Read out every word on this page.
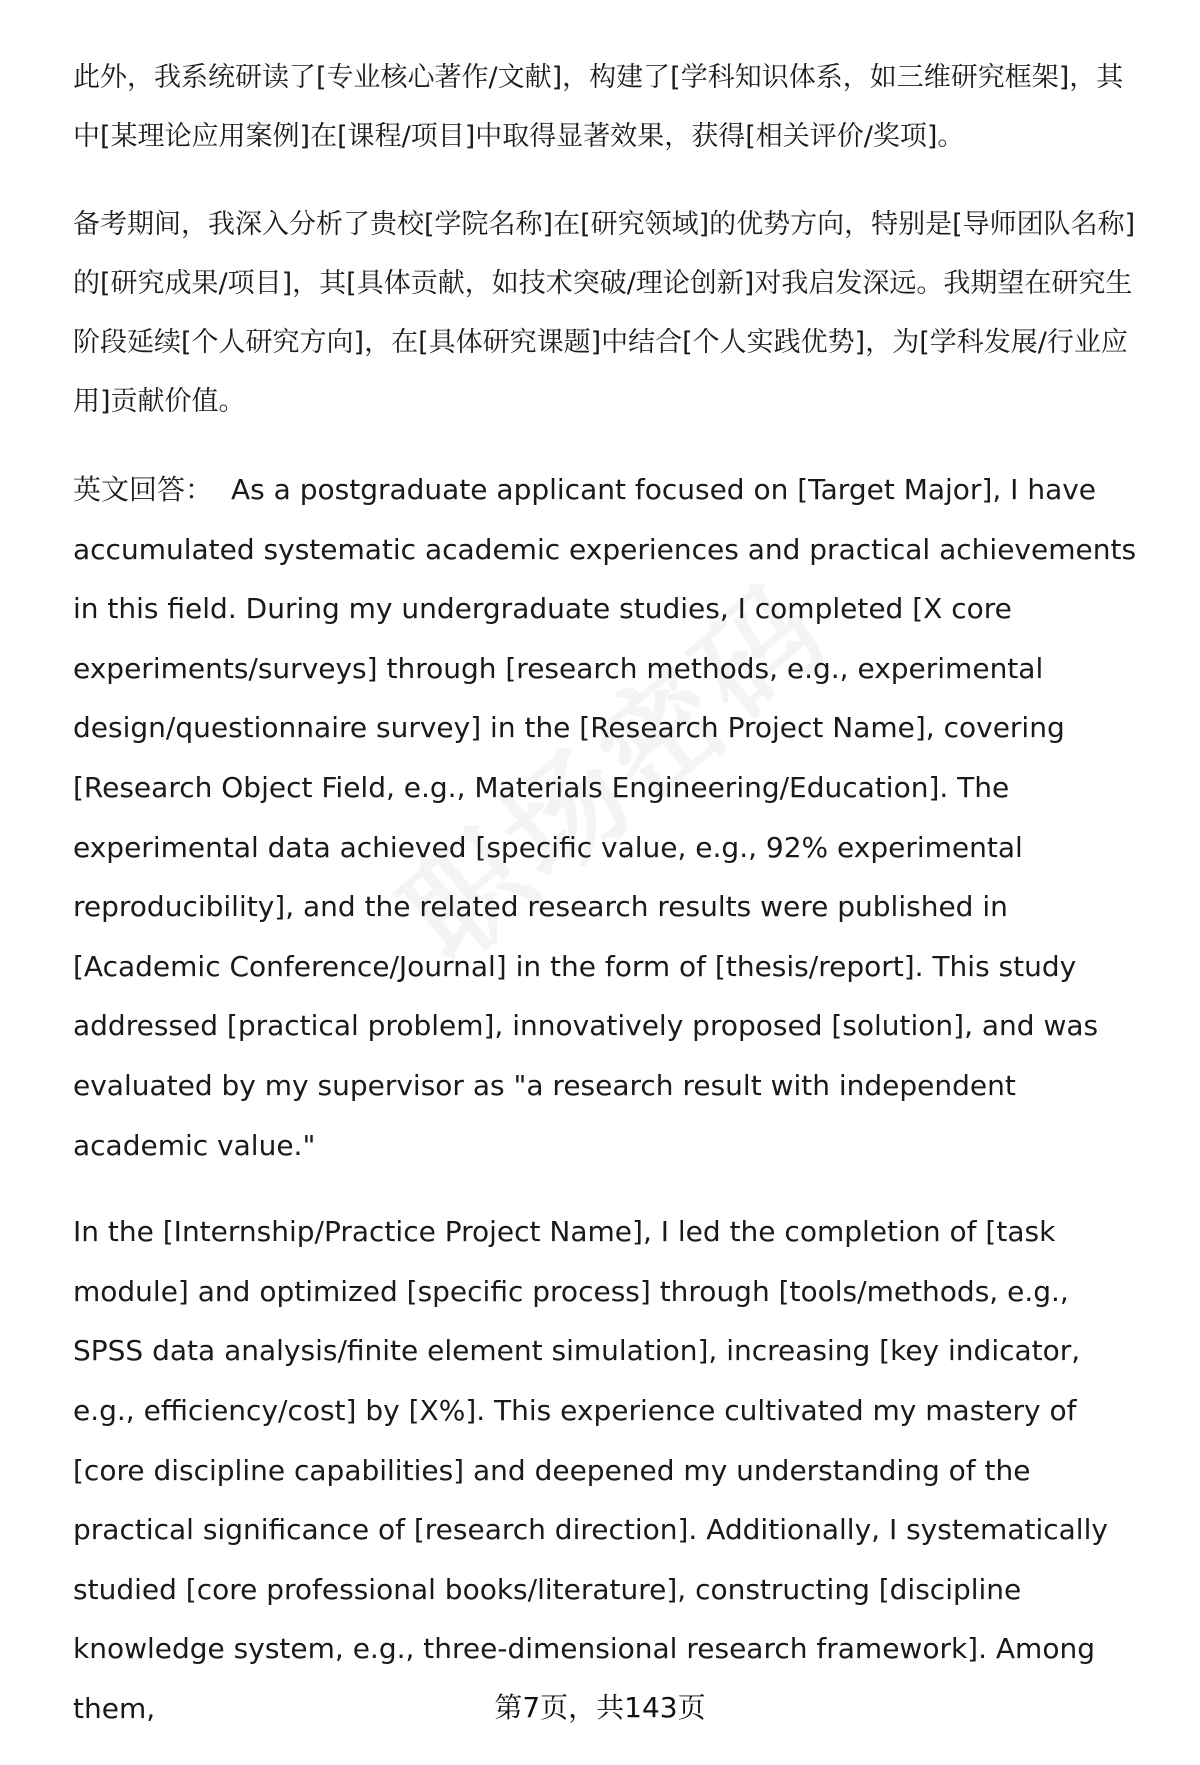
此外，我系统研读了[专业核心著作/文献]，构建了[学科知识体系，如三维研究框架]，其中[某理论应用案例]在[课程/项目]中取得显著效果，获得[相关评价/奖项]。

备考期间，我深入分析了贵校[学院名称]在[研究领域]的优势方向，特别是[导师团队名称]的[研究成果/项目]，其[具体贡献，如技术突破/理论创新]对我启发深远。我期望在研究生阶段延续[个人研究方向]，在[具体研究课题]中结合[个人实践优势]，为[学科发展/行业应用]贡献价值。

英文回答： As a postgraduate applicant focused on [Target Major], I have accumulated systematic academic experiences and practical achievements in this field. During my undergraduate studies, I completed [X core experiments/surveys] through [research methods, e.g., experimental design/questionnaire survey] in the [Research Project Name], covering [Research Object Field, e.g., Materials Engineering/Education]. The experimental data achieved [specific value, e.g., 92% experimental reproducibility], and the related research results were published in [Academic Conference/Journal] in the form of [thesis/report]. This study addressed [practical problem], innovatively proposed [solution], and was evaluated by my supervisor as "a research result with independent academic value."

In the [Internship/Practice Project Name], I led the completion of [task module] and optimized [specific process] through [tools/methods, e.g., SPSS data analysis/finite element simulation], increasing [key indicator, e.g., efficiency/cost] by [X%]. This experience cultivated my mastery of [core discipline capabilities] and deepened my understanding of the practical significance of [research direction]. Additionally, I systematically studied [core professional books/literature], constructing [discipline knowledge system, e.g., three-dimensional research framework]. Among them,	第7页，共143页
